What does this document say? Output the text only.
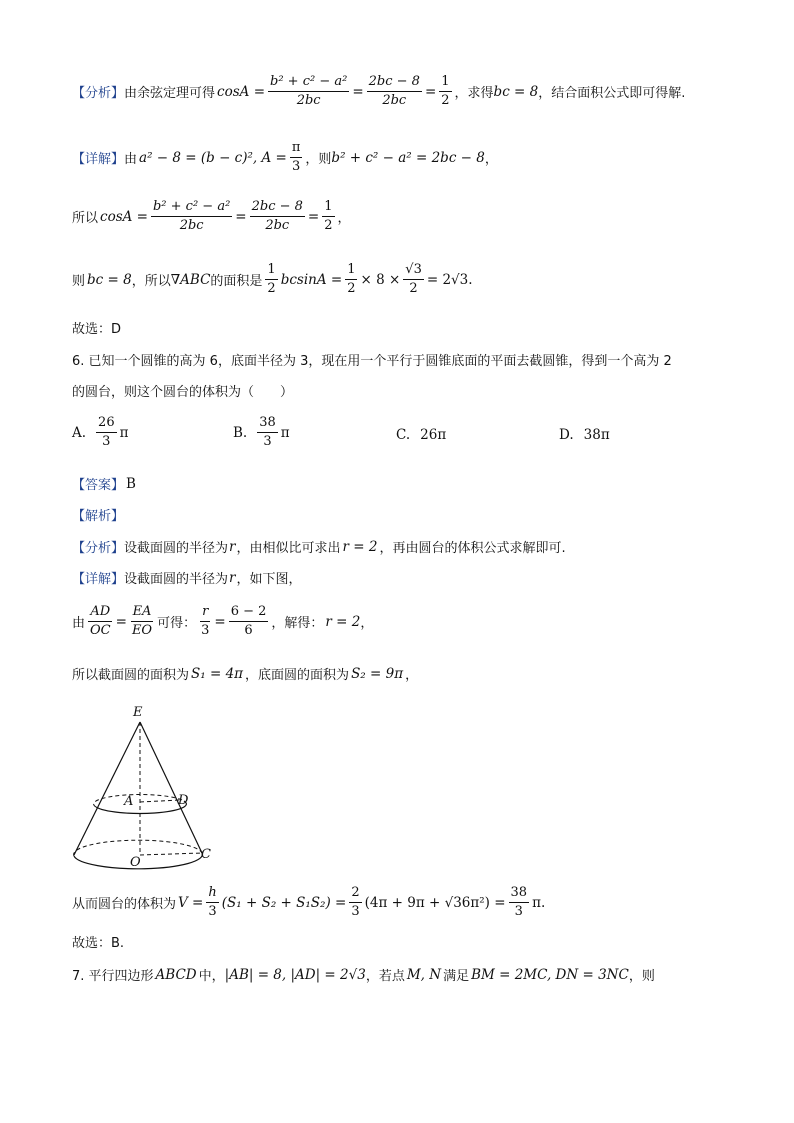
【分析】 由余弦定理可得 $\cos A = \frac{\text{b² + c² − a²}}{2bc} = \frac{2bc - 8}{2bc} = \frac{1}{2}$ ，求得 bc = 8 ，结合面积公式即可得解.
【详解】 由 a² − 8 = (b − c)², $A = \frac{\pi}{3}$ ，则 b² + c² − a² = 2bc − 8 ，
所以 $\cos A = \frac{\text{b² + c² − a²}}{2bc} = \frac{2bc - 8}{2bc} = \frac{1}{2}$ ，
则 bc = 8 ，所以 ∇ABC 的面积是 $\frac{1}{2}$ $bcsinA = \frac{1}{2} \times 8 \times \frac{√3}{2} = 2√3$ .
故选：D
6. 已知一个圆锥的高为 6，底面半径为 3，现在用一个平行于圆锥底面的平面去截圆锥，得到一个高为 2
的圆台，则这个圆台的体积为（　　）
A. $\frac{26}{3}$ π	B. $\frac{38}{3}$ π	C. 26π	D. 38π
【答案】 B
【解析】
【分析】 设截面圆的半径为 r ，由相似比可求出 r = 2 ，再由圆台的体积公式求解即可.
【详解】 设截面圆的半径为 r ，如下图，
由 $\frac{AD}{OC} = \frac{EA}{EO}$ 可得： $\frac{r}{3} = \frac{6 - 2}{6}$ ，解得： r = 2 ，
所以截面圆的面积为 S₁ = 4π ，底面圆的面积为 S₂ = 9π ，
E
A	D
O
C
从而圆台的体积为 $V = \frac{h}{3} (S_1 + S_2 + S_1S_2) = \frac{2}{3} (4\pi + 9\pi + √36\pi^2) = \frac{38}{3} \pi$.
故选：B.
7. 平行四边形 ABCD 中， |AB| = 8, |AD| = 2√3 ，若点 M, N 满足 BM = 2MC, DN = 3NC ，则
